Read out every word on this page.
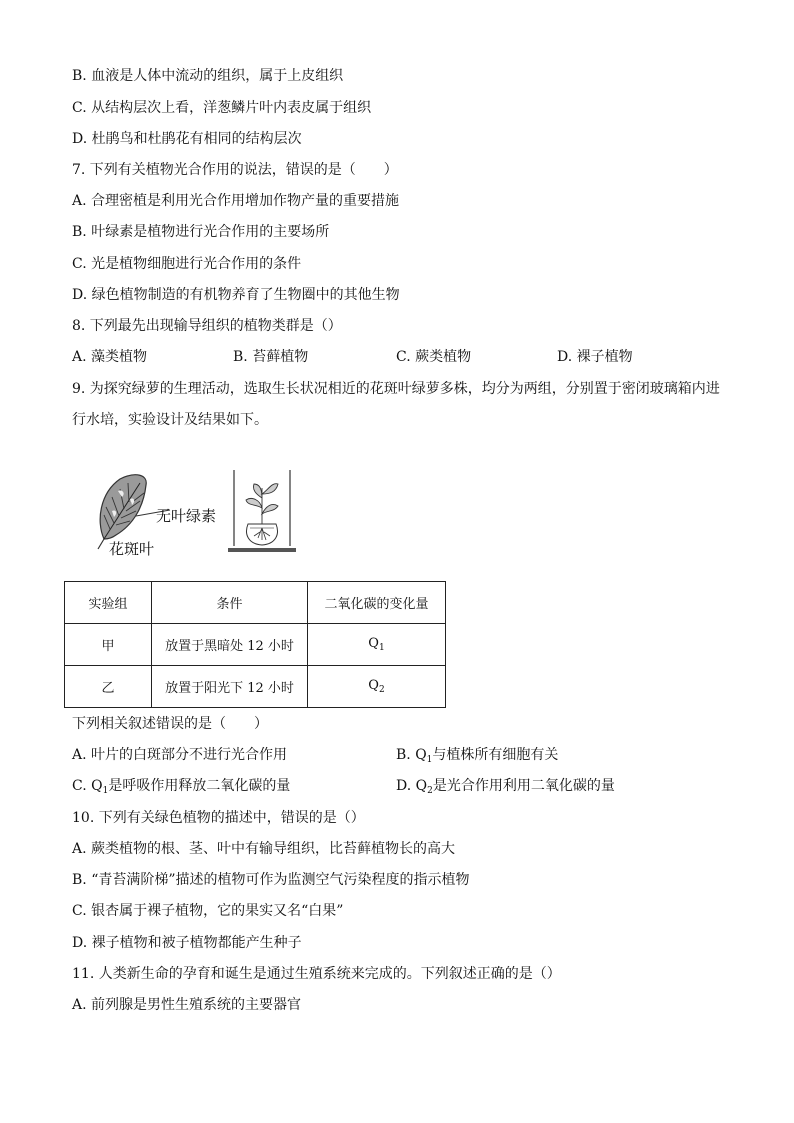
B. 血液是人体中流动的组织，属于上皮组织
C. 从结构层次上看，洋葱鳞片叶内表皮属于组织
D. 杜鹃鸟和杜鹃花有相同的结构层次
7. 下列有关植物光合作用的说法，错误的是（　　）
A. 合理密植是利用光合作用增加作物产量的重要措施
B. 叶绿素是植物进行光合作用的主要场所
C. 光是植物细胞进行光合作用的条件
D. 绿色植物制造的有机物养育了生物圈中的其他生物
8. 下列最先出现输导组织的植物类群是（）
A. 藻类植物	B. 苔藓植物	C. 蕨类植物	D. 裸子植物
9. 为探究绿萝的生理活动，选取生长状况相近的花斑叶绿萝多株，均分为两组，分别置于密闭玻璃箱内进
行水培，实验设计及结果如下。
无叶绿素
花斑叶
实验组	条件	二氧化碳的变化量
甲	放置于黑暗处 12 小时	$Q_1$
乙	放置于阳光下 12 小时	$Q_2$
下列相关叙述错误的是（　　）
A. 叶片的白斑部分不进行光合作用	B. $Q_1$与植株所有细胞有关
C. $Q_1$是呼吸作用释放二氧化碳的量	D. $Q_2$是光合作用利用二氧化碳的量
10. 下列有关绿色植物的描述中，错误的是（）
A. 蕨类植物的根、茎、叶中有输导组织，比苔藓植物长的高大
B. “青苔满阶梯”描述的植物可作为监测空气污染程度的指示植物
C. 银杏属于裸子植物，它的果实又名“白果”
D. 裸子植物和被子植物都能产生种子
11. 人类新生命的孕育和诞生是通过生殖系统来完成的。下列叙述正确的是（）
A. 前列腺是男性生殖系统的主要器官
